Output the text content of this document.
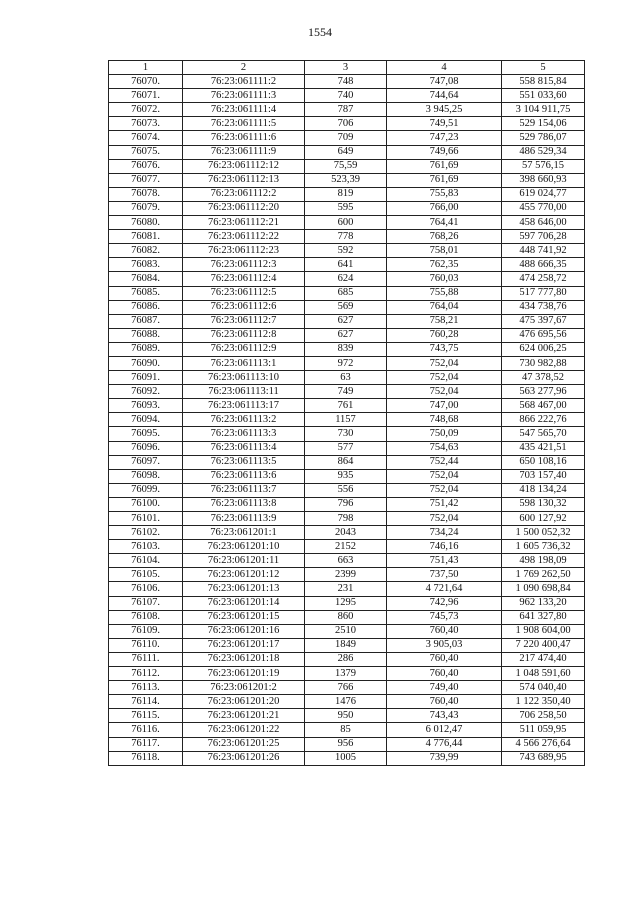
1554
1	2	3	4	5
76070.	76:23:061111:2	748	747,08	558 815,84
76071.	76:23:061111:3	740	744,64	551 033,60
76072.	76:23:061111:4	787	3 945,25	3 104 911,75
76073.	76:23:061111:5	706	749,51	529 154,06
76074.	76:23:061111:6	709	747,23	529 786,07
76075.	76:23:061111:9	649	749,66	486 529,34
76076.	76:23:061112:12	75,59	761,69	57 576,15
76077.	76:23:061112:13	523,39	761,69	398 660,93
76078.	76:23:061112:2	819	755,83	619 024,77
76079.	76:23:061112:20	595	766,00	455 770,00
76080.	76:23:061112:21	600	764,41	458 646,00
76081.	76:23:061112:22	778	768,26	597 706,28
76082.	76:23:061112:23	592	758,01	448 741,92
76083.	76:23:061112:3	641	762,35	488 666,35
76084.	76:23:061112:4	624	760,03	474 258,72
76085.	76:23:061112:5	685	755,88	517 777,80
76086.	76:23:061112:6	569	764,04	434 738,76
76087.	76:23:061112:7	627	758,21	475 397,67
76088.	76:23:061112:8	627	760,28	476 695,56
76089.	76:23:061112:9	839	743,75	624 006,25
76090.	76:23:061113:1	972	752,04	730 982,88
76091.	76:23:061113:10	63	752,04	47 378,52
76092.	76:23:061113:11	749	752,04	563 277,96
76093.	76:23:061113:17	761	747,00	568 467,00
76094.	76:23:061113:2	1157	748,68	866 222,76
76095.	76:23:061113:3	730	750,09	547 565,70
76096.	76:23:061113:4	577	754,63	435 421,51
76097.	76:23:061113:5	864	752,44	650 108,16
76098.	76:23:061113:6	935	752,04	703 157,40
76099.	76:23:061113:7	556	752,04	418 134,24
76100.	76:23:061113:8	796	751,42	598 130,32
76101.	76:23:061113:9	798	752,04	600 127,92
76102.	76:23:061201:1	2043	734,24	1 500 052,32
76103.	76:23:061201:10	2152	746,16	1 605 736,32
76104.	76:23:061201:11	663	751,43	498 198,09
76105.	76:23:061201:12	2399	737,50	1 769 262,50
76106.	76:23:061201:13	231	4 721,64	1 090 698,84
76107.	76:23:061201:14	1295	742,96	962 133,20
76108.	76:23:061201:15	860	745,73	641 327,80
76109.	76:23:061201:16	2510	760,40	1 908 604,00
76110.	76:23:061201:17	1849	3 905,03	7 220 400,47
76111.	76:23:061201:18	286	760,40	217 474,40
76112.	76:23:061201:19	1379	760,40	1 048 591,60
76113.	76:23:061201:2	766	749,40	574 040,40
76114.	76:23:061201:20	1476	760,40	1 122 350,40
76115.	76:23:061201:21	950	743,43	706 258,50
76116.	76:23:061201:22	85	6 012,47	511 059,95
76117.	76:23:061201:25	956	4 776,44	4 566 276,64
76118.	76:23:061201:26	1005	739,99	743 689,95
